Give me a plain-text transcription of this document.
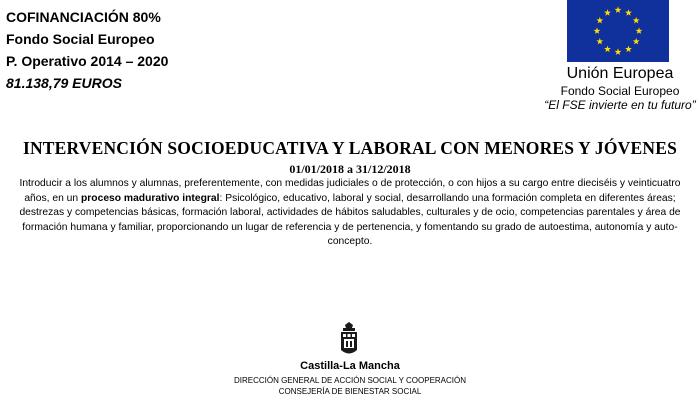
COFINANCIACIÓN 80%
Fondo Social Europeo
P. Operativo 2014 – 2020
81.138,79 EUROS
Unión Europea
Fondo Social Europeo
“El FSE invierte en tu futuro”
INTERVENCIÓN SOCIOEDUCATIVA Y LABORAL CON MENORES Y JÓVENES
01/01/2018 a 31/12/2018
Introducir a los alumnos y alumnas, preferentemente, con medidas judiciales o de protección, o con hijos a su cargo entre dieciséis y veinticuatro años, en un proceso madurativo integral: Psicológico, educativo, laboral y social, desarrollando una formación completa en diferentes áreas; destrezas y competencias básicas, formación laboral, actividades de hábitos saludables, culturales y de ocio, competencias parentales y área de formación humana y familiar, proporcionando un lugar de referencia y de pertenencia, y fomentando su grado de autoestima, autonomía y auto-concepto.
Castilla-La Mancha
DIRECCIÓN GENERAL DE ACCIÓN SOCIAL Y COOPERACIÓN
CONSEJERÍA DE BIENESTAR SOCIAL
